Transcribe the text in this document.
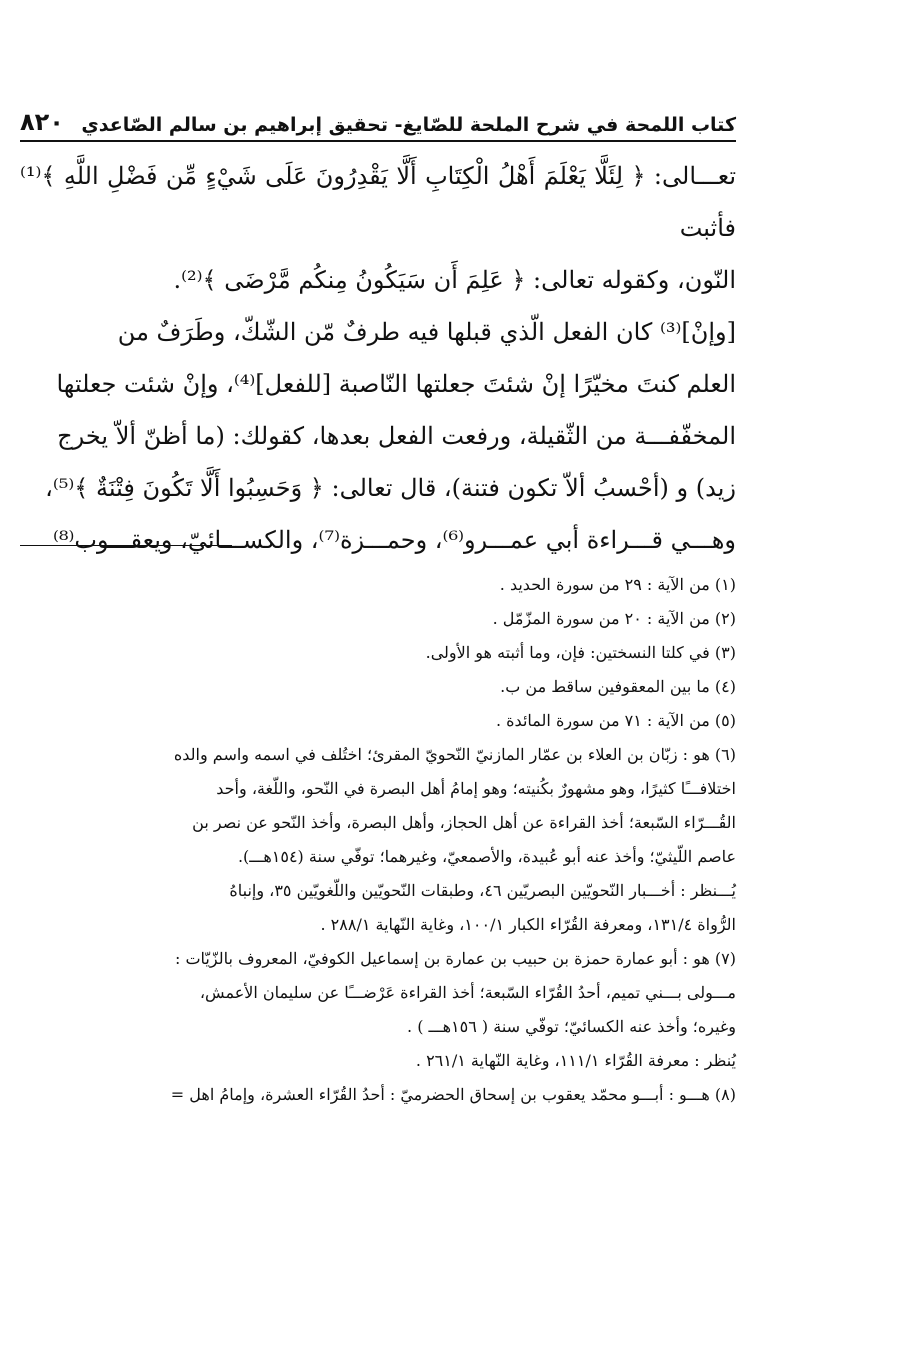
كتاب اللمحة في شرح الملحة للصّايغ- تحقيق إبراهيم بن سالم الصّاعدي
٨٢٠

تعـــالى: ﴿ لِئَلَّا يَعْلَمَ أَهْلُ الْكِتَابِ أَلَّا يَقْدِرُونَ عَلَى شَيْءٍ مِّن فَضْلِ اللَّهِ ﴾⁽¹⁾ فأثبت

النّون، وكقوله تعالى: ﴿ عَلِمَ أَن سَيَكُونُ مِنكُم مَّرْضَى ﴾⁽²⁾.

[وإنْ]⁽³⁾ كان الفعل الّذي قبلها فيه طرفٌ مّن الشّكّ، وطَرَفٌ من

العلم كنتَ مخيّرًا إنْ شئتَ جعلتها النّاصبة [للفعل]⁽⁴⁾، وإنْ شئت جعلتها

المخفّفـــة من الثّقيلة، ورفعت الفعل بعدها، كقولك: (ما أظنّ ألاّ يخرج

زيد) و (أحْسبُ ألاّ تكون فتنة)، قال تعالى: ﴿ وَحَسِبُوا أَلَّا تَكُونَ فِتْنَةٌ ﴾⁽⁵⁾،

وهـــي قـــراءة أبي عمـــرو⁽⁶⁾، وحمـــزة⁽⁷⁾، والكســـائيّ، ويعقـــوب⁽⁸⁾

(١) من الآية : ٢٩ من سورة الحديد .
(٢) من الآية : ٢٠ من سورة المزّمّل .
(٣) في كلتا النسختين: فإن، وما أثبته هو الأولى.
(٤) ما بين المعقوفين ساقط من ب.
(٥) من الآية : ٧١ من سورة المائدة .
(٦) هو : زبّان بن العلاء بن عمّار المازنيّ النّحويّ المقرئ؛ اختُلف في اسمه واسم والده
اختلافـــًا كثيرًا، وهو مشهورٌ بكُنيته؛ وهو إمامُ أهل البصرة في النّحو، واللّغة، وأحد
القُـــرّاء السّبعة؛ أخذ القراءة عن أهل الحجاز، وأهل البصرة، وأخذ النّحو عن نصر بن
عاصم اللّيثيّ؛ وأخذ عنه أبو عُبيدة، والأصمعيّ، وغيرهما؛ توفّي سنة (١٥٤هـــ).
يُـــنظر : أخـــبار النّحويّين البصريّين ٤٦، وطبقات النّحويّين واللّغويّين ٣٥، وإنباهُ
الرُّواة ١٣١/٤، ومعرفة القُرّاء الكبار ١٠٠/١، وغاية النّهاية ٢٨٨/١ .
(٧) هو : أبو عمارة حمزة بن حبيب بن عمارة بن إسماعيل الكوفيّ، المعروف بالزّيّات :
مـــولى بـــني تميم، أحدُ القُرّاء السّبعة؛ أخذ القراءة عَرْضـــًا عن سليمان الأعمش،
وغيره؛ وأخذ عنه الكسائيّ؛ توفّي سنة ( ١٥٦هـــ ) .
يُنظر : معرفة القُرّاء ١١١/١، وغاية النّهاية ٢٦١/١ .
(٨) هـــو : أبـــو محمّد يعقوب بن إسحاق الحضرميّ : أحدُ القُرّاء العشرة، وإمامُ اهل =
